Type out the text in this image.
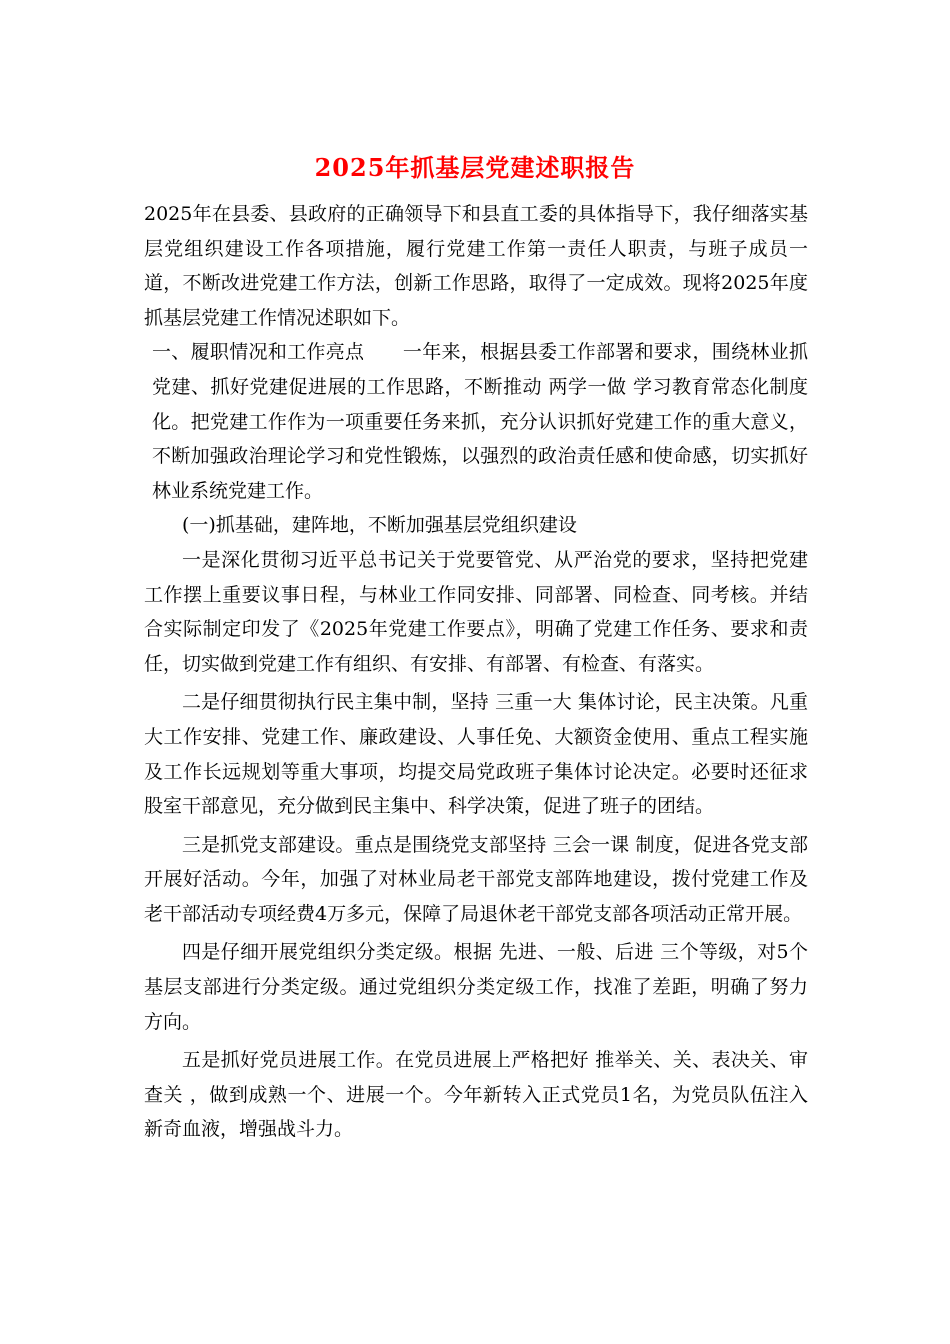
2025年抓基层党建述职报告

2025年在县委、县政府的正确领导下和县直工委的具体指导下，我仔细落实基层党组织建设工作各项措施，履行党建工作第一责任人职责，与班子成员一道，不断改进党建工作方法，创新工作思路，取得了一定成效。现将2025年度抓基层党建工作情况述职如下。

一、履职情况和工作亮点　　一年来，根据县委工作部署和要求，围绕林业抓党建、抓好党建促进展的工作思路，不断推动 两学一做 学习教育常态化制度化。把党建工作作为一项重要任务来抓，充分认识抓好党建工作的重大意义，不断加强政治理论学习和党性锻炼，以强烈的政治责任感和使命感，切实抓好林业系统党建工作。

(一)抓基础，建阵地，不断加强基层党组织建设

一是深化贯彻习近平总书记关于党要管党、从严治党的要求，坚持把党建工作摆上重要议事日程，与林业工作同安排、同部署、同检查、同考核。并结合实际制定印发了《2025年党建工作要点》，明确了党建工作任务、要求和责任，切实做到党建工作有组织、有安排、有部署、有检查、有落实。

二是仔细贯彻执行民主集中制，坚持 三重一大 集体讨论，民主决策。凡重大工作安排、党建工作、廉政建设、人事任免、大额资金使用、重点工程实施及工作长远规划等重大事项，均提交局党政班子集体讨论决定。必要时还征求股室干部意见，充分做到民主集中、科学决策，促进了班子的团结。

三是抓党支部建设。重点是围绕党支部坚持 三会一课 制度，促进各党支部开展好活动。今年，加强了对林业局老干部党支部阵地建设，拨付党建工作及老干部活动专项经费4万多元，保障了局退休老干部党支部各项活动正常开展。

四是仔细开展党组织分类定级。根据 先进、一般、后进 三个等级，对5个基层支部进行分类定级。通过党组织分类定级工作，找准了差距，明确了努力方向。

五是抓好党员进展工作。在党员进展上严格把好 推举关、关、表决关、审查关 ，做到成熟一个、进展一个。今年新转入正式党员1名，为党员队伍注入新奇血液，增强战斗力。
